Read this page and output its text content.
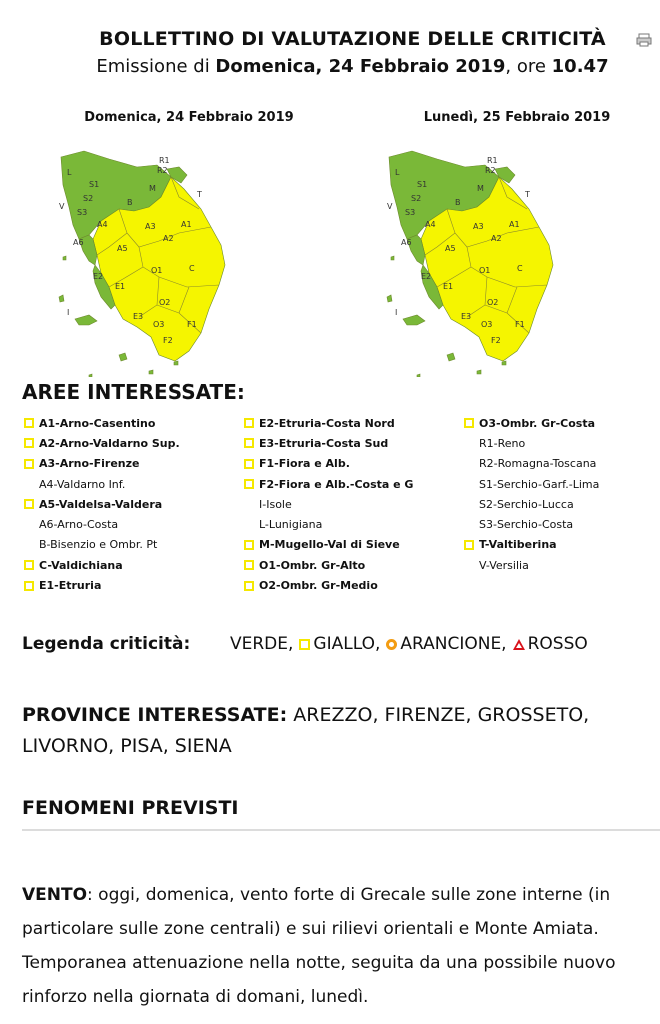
BOLLETTINO DI VALUTAZIONE DELLE CRITICITÀ
Emissione di Domenica, 24 Febbraio 2019, ore 10.47
Domenica, 24 Febbraio 2019
L
S1
S2
S3
R2
M
B
A4
A6
A5
A3	A1
A2
E2
E1
O1	C
O2
E3
O3	F1
F2
T
R1
I
V
Lunedì, 25 Febbraio 2019
L
S1
S2
S3
R2
M
B
A4
A6
A5
A3	A1
A2
E2
E1
O1	C
O2
E3
O3	F1
F2
T
R1
I
V
AREE INTERESSATE:
A1-Arno-Casentino
A2-Arno-Valdarno Sup.
A3-Arno-Firenze
A4-Valdarno Inf.
A5-Valdelsa-Valdera
A6-Arno-Costa
B-Bisenzio e Ombr. Pt
C-Valdichiana
E1-Etruria
E2-Etruria-Costa Nord
E3-Etruria-Costa Sud
F1-Fiora e Alb.
F2-Fiora e Alb.-Costa e G
I-Isole
L-Lunigiana
M-Mugello-Val di Sieve
O1-Ombr. Gr-Alto
O2-Ombr. Gr-Medio
O3-Ombr. Gr-Costa
R1-Reno
R2-Romagna-Toscana
S1-Serchio-Garf.-Lima
S2-Serchio-Lucca
S3-Serchio-Costa
T-Valtiberina
V-Versilia
Legenda criticità:	VERDE, GIALLO, ARANCIONE, ROSSO
PROVINCE INTERESSATE: AREZZO, FIRENZE, GROSSETO, LIVORNO, PISA, SIENA
FENOMENI PREVISTI
VENTO: oggi, domenica, vento forte di Grecale sulle zone interne (in particolare sulle zone centrali) e sui rilievi orientali e Monte Amiata. Temporanea attenuazione nella notte, seguita da una possibile nuovo rinforzo nella giornata di domani, lunedì.
